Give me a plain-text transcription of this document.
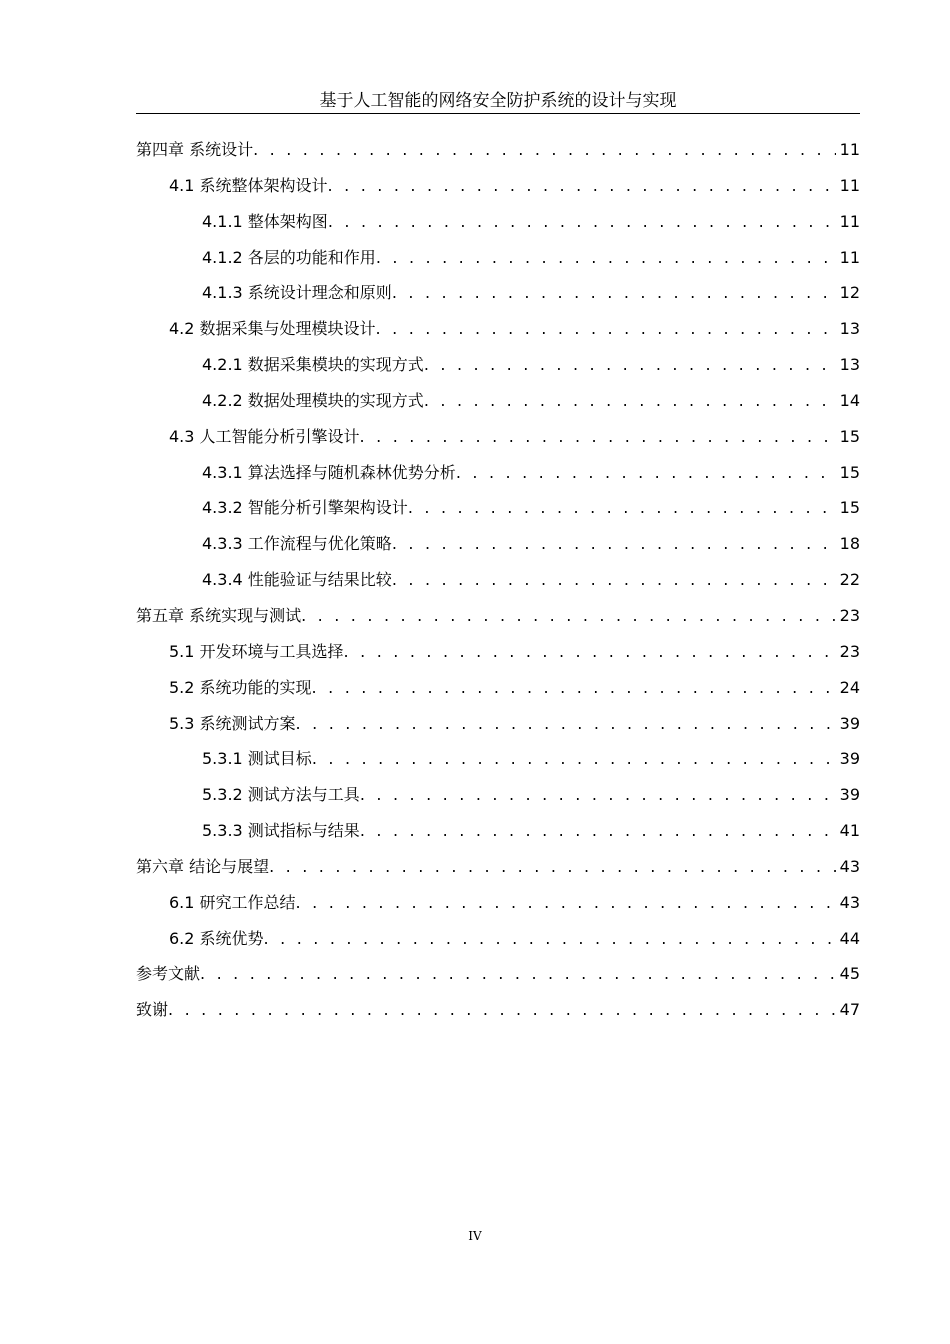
基于人工智能的网络安全防护系统的设计与实现
第四章 系统设计 . . .	11
4.1 系统整体架构设计 . . .	11
4.1.1 整体架构图 . . .	11
4.1.2 各层的功能和作用 . . .	11
4.1.3 系统设计理念和原则 . . .	12
4.2 数据采集与处理模块设计 . . .	13
4.2.1 数据采集模块的实现方式 . . .	13
4.2.2 数据处理模块的实现方式 . . .	14
4.3 人工智能分析引擎设计 . . .	15
4.3.1 算法选择与随机森林优势分析 . . .	15
4.3.2 智能分析引擎架构设计 . . .	15
4.3.3 工作流程与优化策略 . . .	18
4.3.4 性能验证与结果比较 . . .	22
第五章 系统实现与测试 . . .	23
5.1 开发环境与工具选择 . . .	23
5.2 系统功能的实现 . . .	24
5.3 系统测试方案 . . .	39
5.3.1 测试目标 . . .	39
5.3.2 测试方法与工具 . . .	39
5.3.3 测试指标与结果 . . .	41
第六章 结论与展望 . . .	43
6.1 研究工作总结 . . .	43
6.2 系统优势 . . .	44
参考文献 . . .	45
致谢 . . .	47
IV
